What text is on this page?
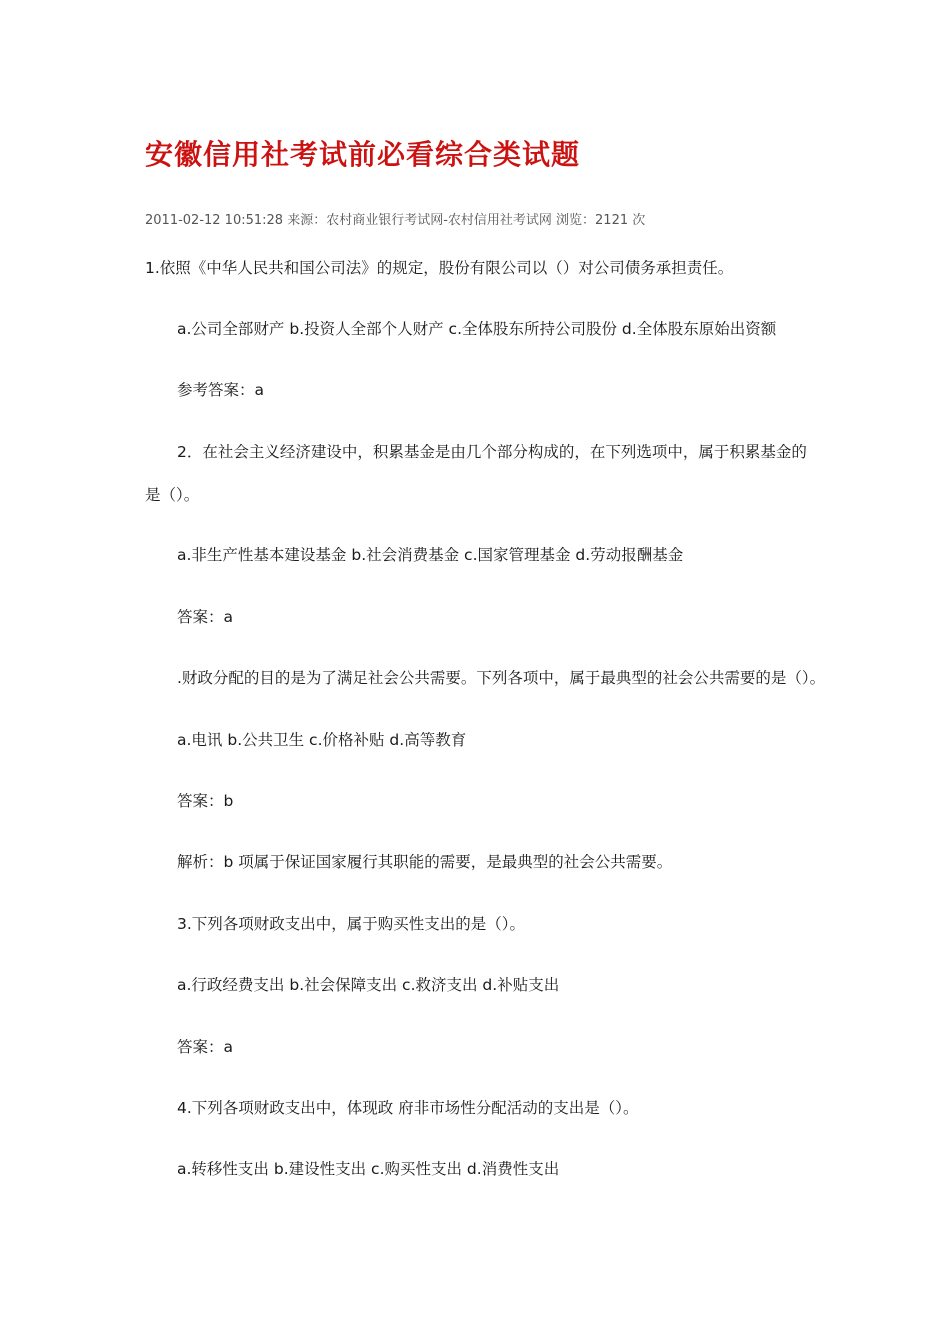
安徽信用社考试前必看综合类试题
2011-02-12 10:51:28 来源：农村商业银行考试网-农村信用社考试网 浏览：2121 次
1.依照《中华人民共和国公司法》的规定，股份有限公司以（）对公司债务承担责任。
a.公司全部财产 b.投资人全部个人财产 c.全体股东所持公司股份 d.全体股东原始出资额
参考答案：a
2．在社会主义经济建设中，积累基金是由几个部分构成的，在下列选项中，属于积累基金的
是（）。
a.非生产性基本建设基金 b.社会消费基金 c.国家管理基金 d.劳动报酬基金
答案：a
.财政分配的目的是为了满足社会公共需要。下列各项中，属于最典型的社会公共需要的是（）。
a.电讯 b.公共卫生 c.价格补贴 d.高等教育
答案：b
解析：b 项属于保证国家履行其职能的需要，是最典型的社会公共需要。
3.下列各项财政支出中，属于购买性支出的是（）。
a.行政经费支出 b.社会保障支出 c.救济支出 d.补贴支出
答案：a
4.下列各项财政支出中，体现政 府非市场性分配活动的支出是（）。
a.转移性支出 b.建设性支出 c.购买性支出 d.消费性支出
